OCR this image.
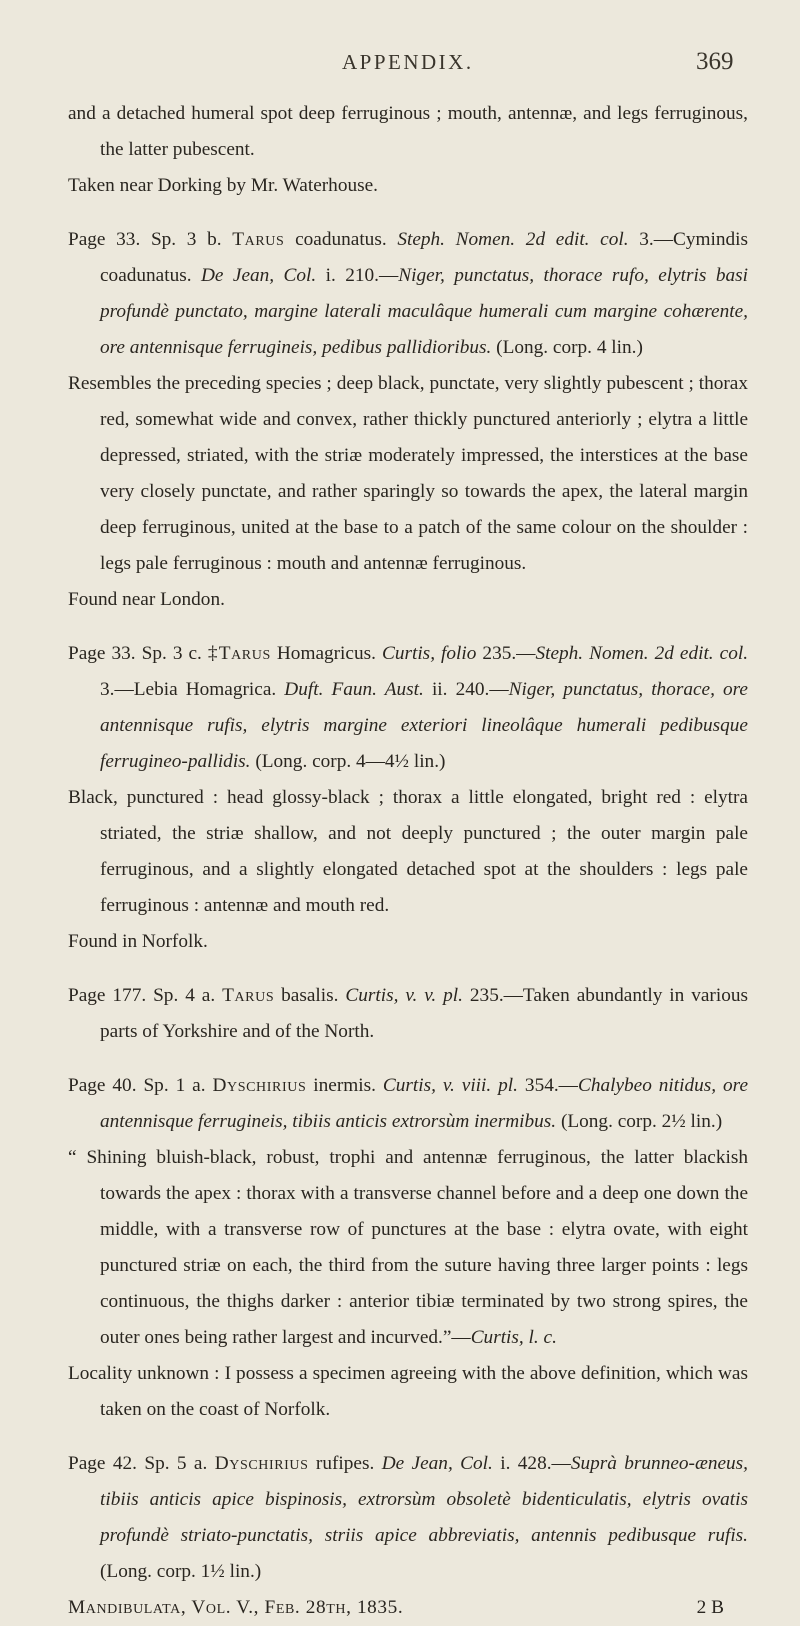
APPENDIX.	369

and a detached humeral spot deep ferruginous ; mouth, antennæ, and legs ferruginous, the latter pubescent.

Taken near Dorking by Mr. Waterhouse.

Page 33. Sp. 3 b. Tarus coadunatus. Steph. Nomen. 2d edit. col. 3.—Cymindis coadunatus. De Jean, Col. i. 210.—Niger, punctatus, thorace rufo, elytris basi profundè punctato, margine laterali maculâque humerali cum margine cohærente, ore antennisque ferrugineis, pedibus pallidioribus. (Long. corp. 4 lin.)

Resembles the preceding species ; deep black, punctate, very slightly pubescent ; thorax red, somewhat wide and convex, rather thickly punctured anteriorly ; elytra a little depressed, striated, with the striæ moderately impressed, the interstices at the base very closely punctate, and rather sparingly so towards the apex, the lateral margin deep ferruginous, united at the base to a patch of the same colour on the shoulder : legs pale ferruginous : mouth and antennæ ferruginous.

Found near London.

Page 33. Sp. 3 c. ‡Tarus Homagricus. Curtis, folio 235.—Steph. Nomen. 2d edit. col. 3.—Lebia Homagrica. Duft. Faun. Aust. ii. 240.—Niger, punctatus, thorace, ore antennisque rufis, elytris margine exteriori lineolâque humerali pedibusque ferrugineo-pallidis. (Long. corp. 4—4½ lin.)

Black, punctured : head glossy-black ; thorax a little elongated, bright red : elytra striated, the striæ shallow, and not deeply punctured ; the outer margin pale ferruginous, and a slightly elongated detached spot at the shoulders : legs pale ferruginous : antennæ and mouth red.

Found in Norfolk.

Page 177. Sp. 4 a. Tarus basalis. Curtis, v. v. pl. 235.—Taken abundantly in various parts of Yorkshire and of the North.

Page 40. Sp. 1 a. Dyschirius inermis. Curtis, v. viii. pl. 354.—Chalybeo nitidus, ore antennisque ferrugineis, tibiis anticis extrorsùm inermibus. (Long. corp. 2½ lin.)

“ Shining bluish-black, robust, trophi and antennæ ferruginous, the latter blackish towards the apex : thorax with a transverse channel before and a deep one down the middle, with a transverse row of punctures at the base : elytra ovate, with eight punctured striæ on each, the third from the suture having three larger points : legs continuous, the thighs darker : anterior tibiæ terminated by two strong spires, the outer ones being rather largest and incurved.”—Curtis, l. c.

Locality unknown : I possess a specimen agreeing with the above definition, which was taken on the coast of Norfolk.

Page 42. Sp. 5 a. Dyschirius rufipes. De Jean, Col. i. 428.—Suprà brunneo-æneus, tibiis anticis apice bispinosis, extrorsùm obsoletè bidenticulatis, elytris ovatis profundè striato-punctatis, striis apice abbreviatis, antennis pedibusque rufis. (Long. corp. 1½ lin.)

Mandibulata, Vol. V., Feb. 28th, 1835.	2 B
